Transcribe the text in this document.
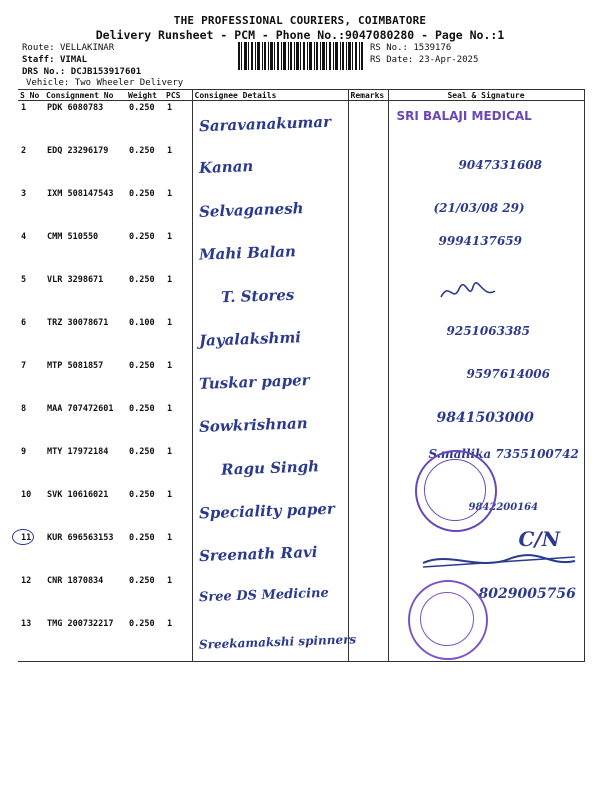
THE PROFESSIONAL COURIERS, COIMBATORE
Delivery Runsheet - PCM - Phone No.:9047080280 - Page No.:1
Route: VELLAKINAR
Staff: VIMAL
DRS No.: DCJB153917601
Vehicle: Two Wheeler Delivery
RS No.: 1539176
RS Date: 23-Apr-2025
S No	Consignment No	Weight	PCS	Consignee Details	Remarks	Seal & Signature
1	PDK 6080783	0.250	1	Saravanakumar		SRI BALAJI MEDICAL

2	EDQ 23296179	0.250	1	Kanan		9047331608

3	IXM 508147543	0.250	1	Selvaganesh		(21/03/08 29)

4	CMM 510550	0.250	1	Mahi Balan		9994137659

5	VLR 3298671	0.250	1	T. Stores

6	TRZ 30078671	0.100	1	Jayalakshmi		9251063385

7	MTP 5081857	0.250	1	Tuskar paper		9597614006

8	MAA 707472601	0.250	1	Sowkrishnan		9841503000

9	MTY 17972184	0.250	1	Ragu Singh		S.mallika 7355100742

10	SVK 10616021	0.250	1	Speciality paper		9842200164

11	KUR 696563153	0.250	1	Sreenath Ravi		C/N

12	CNR 1870834	0.250	1	Sree DS Medicine		8029005756

13	TMG 200732217	0.250	1	Sreekamakshi spinners		
